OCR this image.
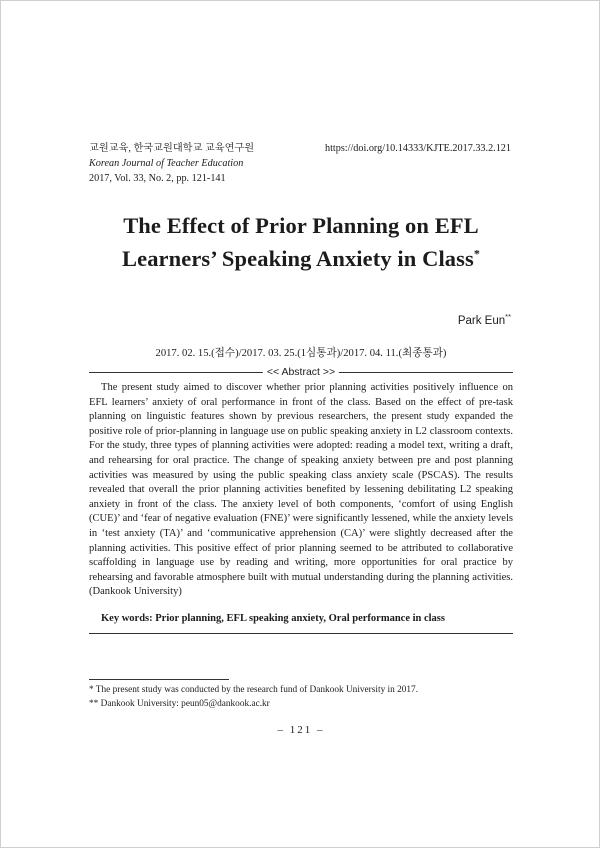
교원교육, 한국교원대학교 교육연구원
Korean Journal of Teacher Education
2017, Vol. 33, No. 2, pp. 121-141
https://doi.org/10.14333/KJTE.2017.33.2.121
The Effect of Prior Planning on EFL
Learners’ Speaking Anxiety in Class*
Park Eun**
2017. 02. 15.(접수)/2017. 03. 25.(1심통과)/2017. 04. 11.(최종통과)
<< Abstract >>

The present study aimed to discover whether prior planning activities positively influence on EFL learners’ anxiety of oral performance in front of the class. Based on the effect of pre-task planning on linguistic features shown by previous researchers, the present study expanded the positive role of prior-planning in language use on public speaking anxiety in L2 classroom contexts. For the study, three types of planning activities were adopted: reading a model text, writing a draft, and rehearsing for oral practice. The change of speaking anxiety between pre and post planning activities was measured by using the public speaking class anxiety scale (PSCAS). The results revealed that overall the prior planning activities benefited by lessening debilitating L2 speaking anxiety in front of the class. The anxiety level of both components, ‘comfort of using English (CUE)’ and ‘fear of negative evaluation (FNE)’ were significantly lessened, while the anxiety levels in ‘test anxiety (TA)’ and ‘communicative apprehension (CA)’ were slightly decreased after the planning activities. This positive effect of prior planning seemed to be attributed to collaborative scaffolding in language use by reading and writing, more opportunities for oral practice by rehearsing and favorable atmosphere built with mutual understanding during the planning activities. (Dankook University)

Key words: Prior planning, EFL speaking anxiety, Oral performance in class
* The present study was conducted by the research fund of Dankook University in 2017.
** Dankook University: peun05@dankook.ac.kr
– 121 –
